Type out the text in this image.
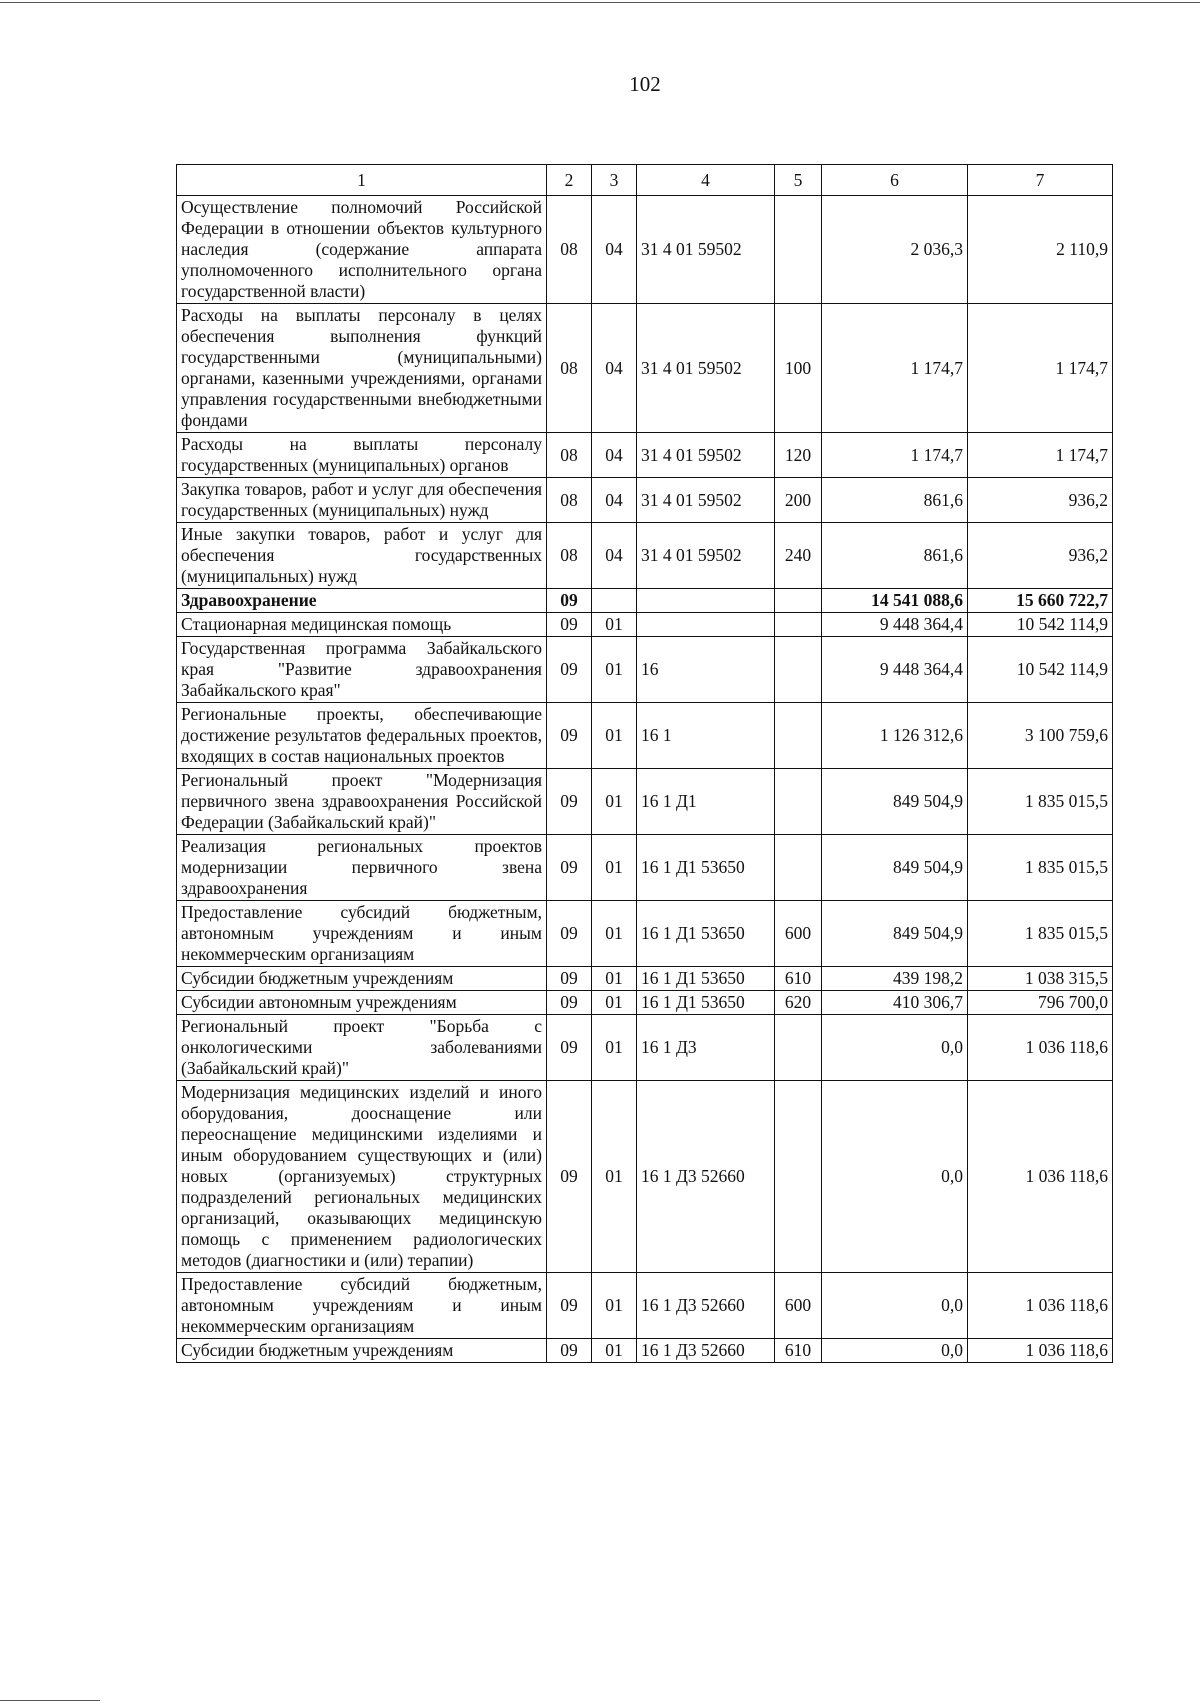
102
1	2	3	4	5	6	7
Осуществление полномочий Российской Федерации в отношении объектов культурного наследия (содержание аппарата уполномоченного исполнительного органа государственной власти)	08	04	31 4 01 59502		2 036,3	2 110,9
Расходы на выплаты персоналу в целях обеспечения выполнения функций государственными (муниципальными) органами, казенными учреждениями, органами управления государственными внебюджетными фондами	08	04	31 4 01 59502	100	1 174,7	1 174,7
Расходы на выплаты персоналу государственных (муниципальных) органов	08	04	31 4 01 59502	120	1 174,7	1 174,7
Закупка товаров, работ и услуг для обеспечения государственных (муниципальных) нужд	08	04	31 4 01 59502	200	861,6	936,2
Иные закупки товаров, работ и услуг для обеспечения государственных (муниципальных) нужд	08	04	31 4 01 59502	240	861,6	936,2
Здравоохранение	09				14 541 088,6	15 660 722,7
Стационарная медицинская помощь	09	01			9 448 364,4	10 542 114,9
Государственная программа Забайкальского края "Развитие здравоохранения Забайкальского края"	09	01	16		9 448 364,4	10 542 114,9
Региональные проекты, обеспечивающие достижение результатов федеральных проектов, входящих в состав национальных проектов	09	01	16 1		1 126 312,6	3 100 759,6
Региональный проект "Модернизация первичного звена здравоохранения Российской Федерации (Забайкальский край)"	09	01	16 1 Д1		849 504,9	1 835 015,5
Реализация региональных проектов модернизации первичного звена здравоохранения	09	01	16 1 Д1 53650		849 504,9	1 835 015,5
Предоставление субсидий бюджетным, автономным учреждениям и иным некоммерческим организациям	09	01	16 1 Д1 53650	600	849 504,9	1 835 015,5
Субсидии бюджетным учреждениям	09	01	16 1 Д1 53650	610	439 198,2	1 038 315,5
Субсидии автономным учреждениям	09	01	16 1 Д1 53650	620	410 306,7	796 700,0
Региональный проект "Борьба с онкологическими заболеваниями (Забайкальский край)"	09	01	16 1 Д3		0,0	1 036 118,6
Модернизация медицинских изделий и иного оборудования, дооснащение или переоснащение медицинскими изделиями и иным оборудованием существующих и (или) новых (организуемых) структурных подразделений региональных медицинских организаций, оказывающих медицинскую помощь с применением радиологических методов (диагностики и (или) терапии)	09	01	16 1 Д3 52660		0,0	1 036 118,6
Предоставление субсидий бюджетным, автономным учреждениям и иным некоммерческим организациям	09	01	16 1 Д3 52660	600	0,0	1 036 118,6
Субсидии бюджетным учреждениям	09	01	16 1 Д3 52660	610	0,0	1 036 118,6
